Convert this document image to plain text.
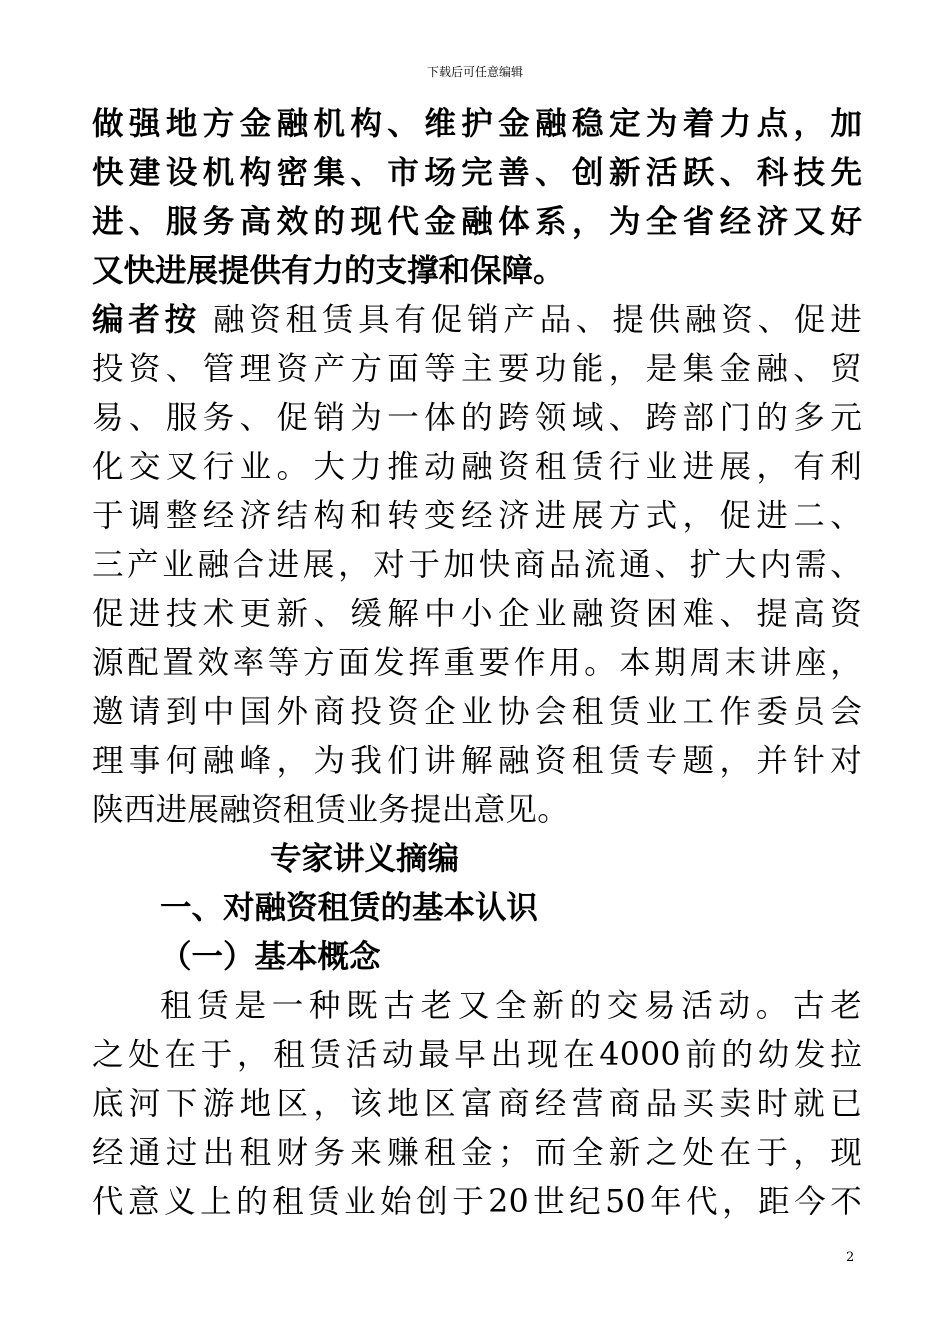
下载后可任意编辑
做强地方金融机构、维护金融稳定为着力点，加
快建设机构密集、市场完善、创新活跃、科技先
进、服务高效的现代金融体系，为全省经济又好
又快进展提供有力的支撑和保障。
编者按 融资租赁具有促销产品、提供融资、促进
投资、管理资产方面等主要功能，是集金融、贸
易、服务、促销为一体的跨领域、跨部门的多元
化交叉行业。大力推动融资租赁行业进展，有利
于调整经济结构和转变经济进展方式，促进二、
三产业融合进展，对于加快商品流通、扩大内需、
促进技术更新、缓解中小企业融资困难、提高资
源配置效率等方面发挥重要作用。本期周末讲座，
邀请到中国外商投资企业协会租赁业工作委员会
理事何融峰，为我们讲解融资租赁专题，并针对
陕西进展融资租赁业务提出意见。
专家讲义摘编
一、对融资租赁的基本认识
（一）基本概念
租赁是一种既古老又全新的交易活动。古老
之处在于，租赁活动最早出现在4000前的幼发拉
底河下游地区，该地区富商经营商品买卖时就已
经通过出租财务来赚租金；而全新之处在于，现
代意义上的租赁业始创于20世纪50年代，距今不
2
